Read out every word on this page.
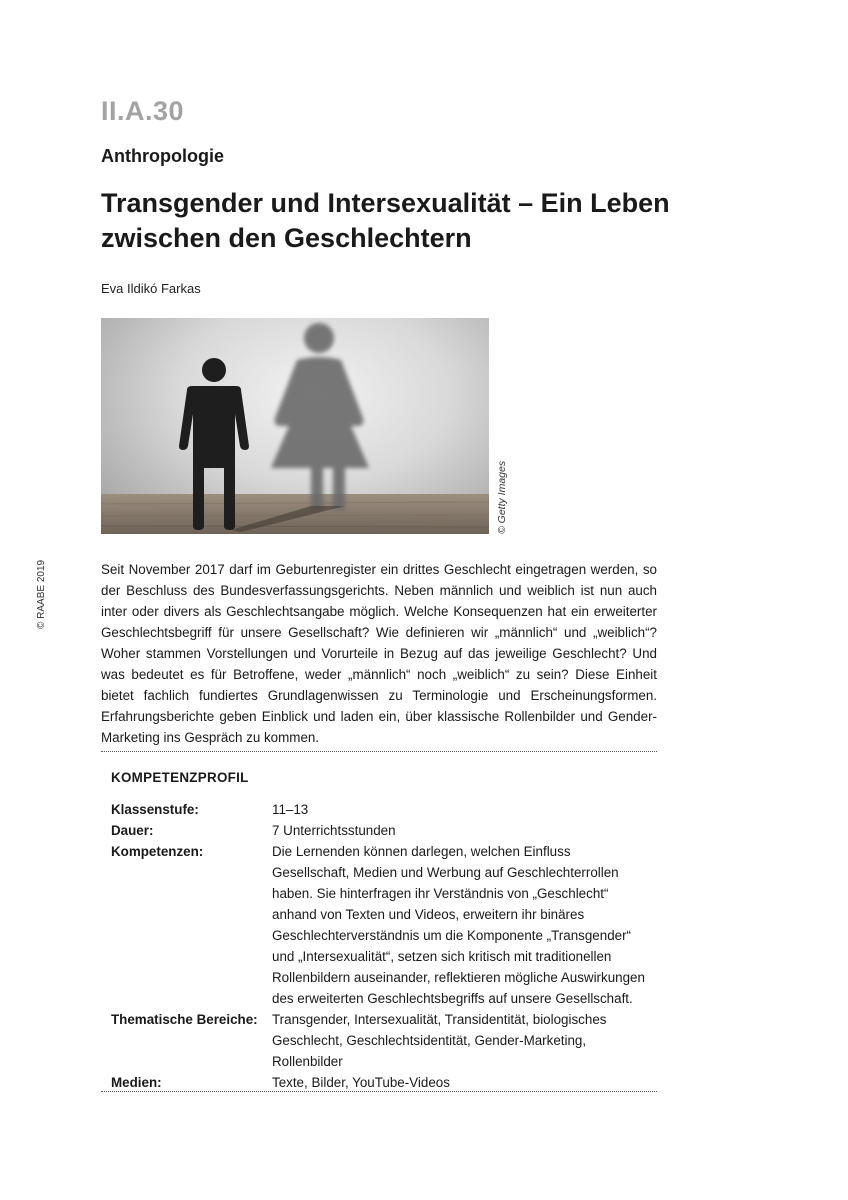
II.A.30
Anthropologie
Transgender und Intersexualität – Ein Leben zwischen den Geschlechtern
Eva Ildikó Farkas
© Getty Images
© RAABE 2019	Seit November 2017 darf im Geburtenregister ein drittes Geschlecht eingetragen werden, so der Beschluss des Bundesverfassungsgerichts. Neben männlich und weiblich ist nun auch inter oder divers als Geschlechtsangabe möglich. Welche Konsequenzen hat ein erweiterter Geschlechtsbegriff für unsere Gesellschaft? Wie definieren wir „männlich“ und „weiblich“? Woher stammen Vorstellungen und Vorurteile in Bezug auf das jeweilige Geschlecht? Und was bedeutet es für Betroffene, weder „männlich“ noch „weiblich“ zu sein? Diese Einheit bietet fachlich fundiertes Grundlagenwissen zu Terminologie und Erscheinungsformen. Erfahrungsberichte geben Einblick und laden ein, über klassische Rollenbilder und Gender-Marketing ins Gespräch zu kommen.

KOMPETENZPROFIL
Klassenstufe:	11–13
Dauer:	7 Unterrichtsstunden
Kompetenzen:	Die Lernenden können darlegen, welchen Einfluss Gesellschaft, Medien und Werbung auf Geschlechterrollen haben. Sie hinterfragen ihr Verständnis von „Geschlecht“ anhand von Texten und Videos, erweitern ihr binäres Geschlechterverständnis um die Komponente „Transgender“ und „Intersexualität“, setzen sich kritisch mit traditionellen Rollenbildern auseinander, reflektieren mögliche Auswirkungen des erweiterten Geschlechtsbegriffs auf unsere Gesellschaft.
Thematische Bereiche:	Transgender, Intersexualität, Transidentität, biologisches Geschlecht, Geschlechtsidentität, Gender-Marketing, Rollenbilder
Medien:	Texte, Bilder, YouTube-Videos
